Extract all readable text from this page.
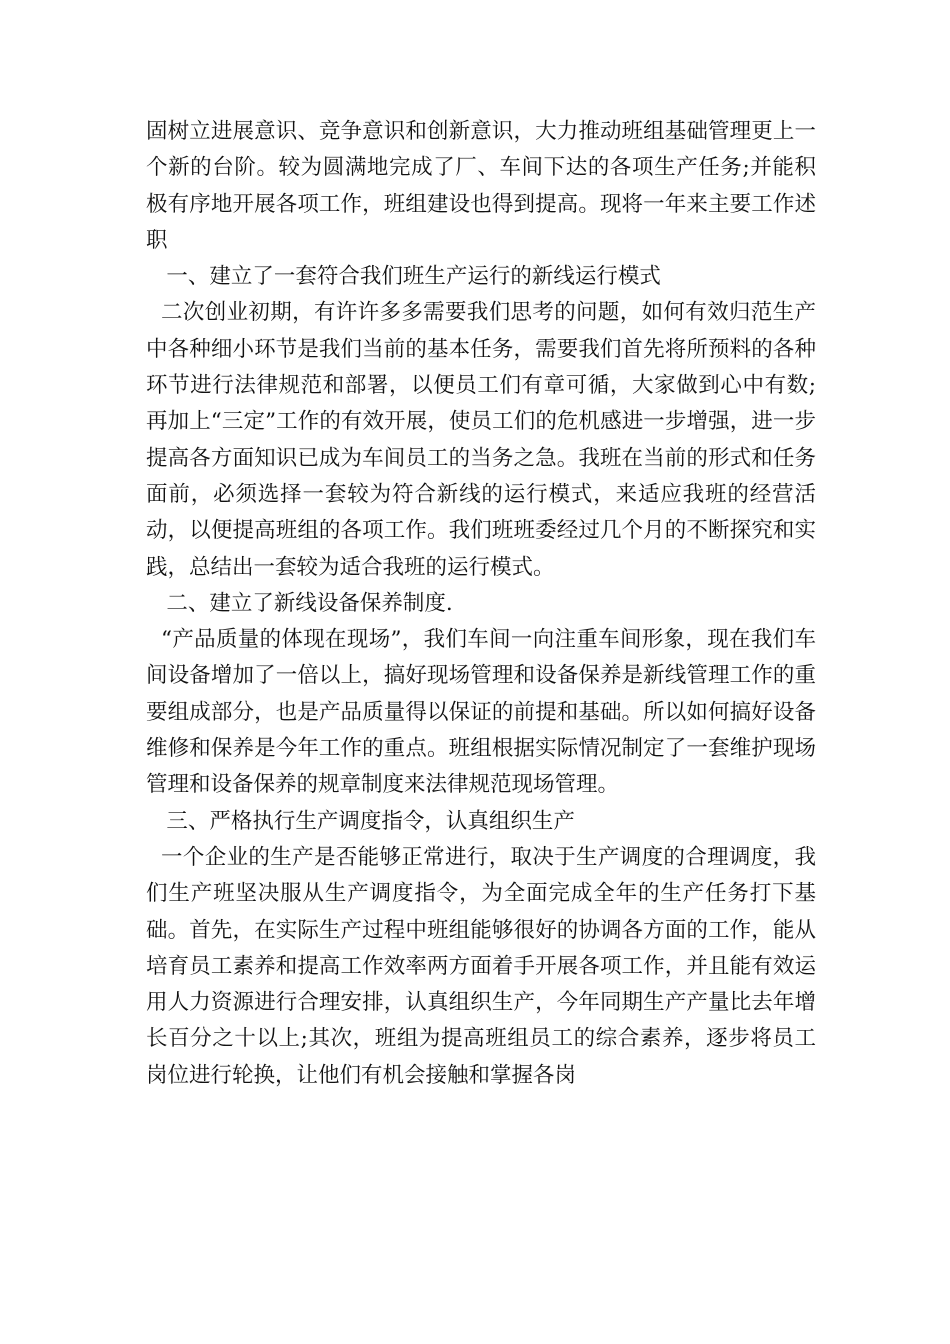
固树立进展意识、竞争意识和创新意识，大力推动班组基础管理更上一个新的台阶。较为圆满地完成了厂、车间下达的各项生产任务;并能积极有序地开展各项工作，班组建设也得到提高。现将一年来主要工作述职

一、建立了一套符合我们班生产运行的新线运行模式

二次创业初期，有许许多多需要我们思考的问题，如何有效归范生产中各种细小环节是我们当前的基本任务，需要我们首先将所预料的各种环节进行法律规范和部署，以便员工们有章可循，大家做到心中有数;再加上“三定”工作的有效开展，使员工们的危机感进一步增强，进一步提高各方面知识已成为车间员工的当务之急。我班在当前的形式和任务面前，必须选择一套较为符合新线的运行模式，来适应我班的经营活动，以便提高班组的各项工作。我们班班委经过几个月的不断探究和实践，总结出一套较为适合我班的运行模式。

二、建立了新线设备保养制度.

“产品质量的体现在现场”，我们车间一向注重车间形象，现在我们车间设备增加了一倍以上，搞好现场管理和设备保养是新线管理工作的重要组成部分，也是产品质量得以保证的前提和基础。所以如何搞好设备维修和保养是今年工作的重点。班组根据实际情况制定了一套维护现场管理和设备保养的规章制度来法律规范现场管理。

三、严格执行生产调度指令，认真组织生产

一个企业的生产是否能够正常进行，取决于生产调度的合理调度，我们生产班坚决服从生产调度指令，为全面完成全年的生产任务打下基础。首先，在实际生产过程中班组能够很好的协调各方面的工作，能从培育员工素养和提高工作效率两方面着手开展各项工作，并且能有效运用人力资源进行合理安排，认真组织生产，今年同期生产产量比去年增长百分之十以上;其次，班组为提高班组员工的综合素养，逐步将员工岗位进行轮换，让他们有机会接触和掌握各岗
